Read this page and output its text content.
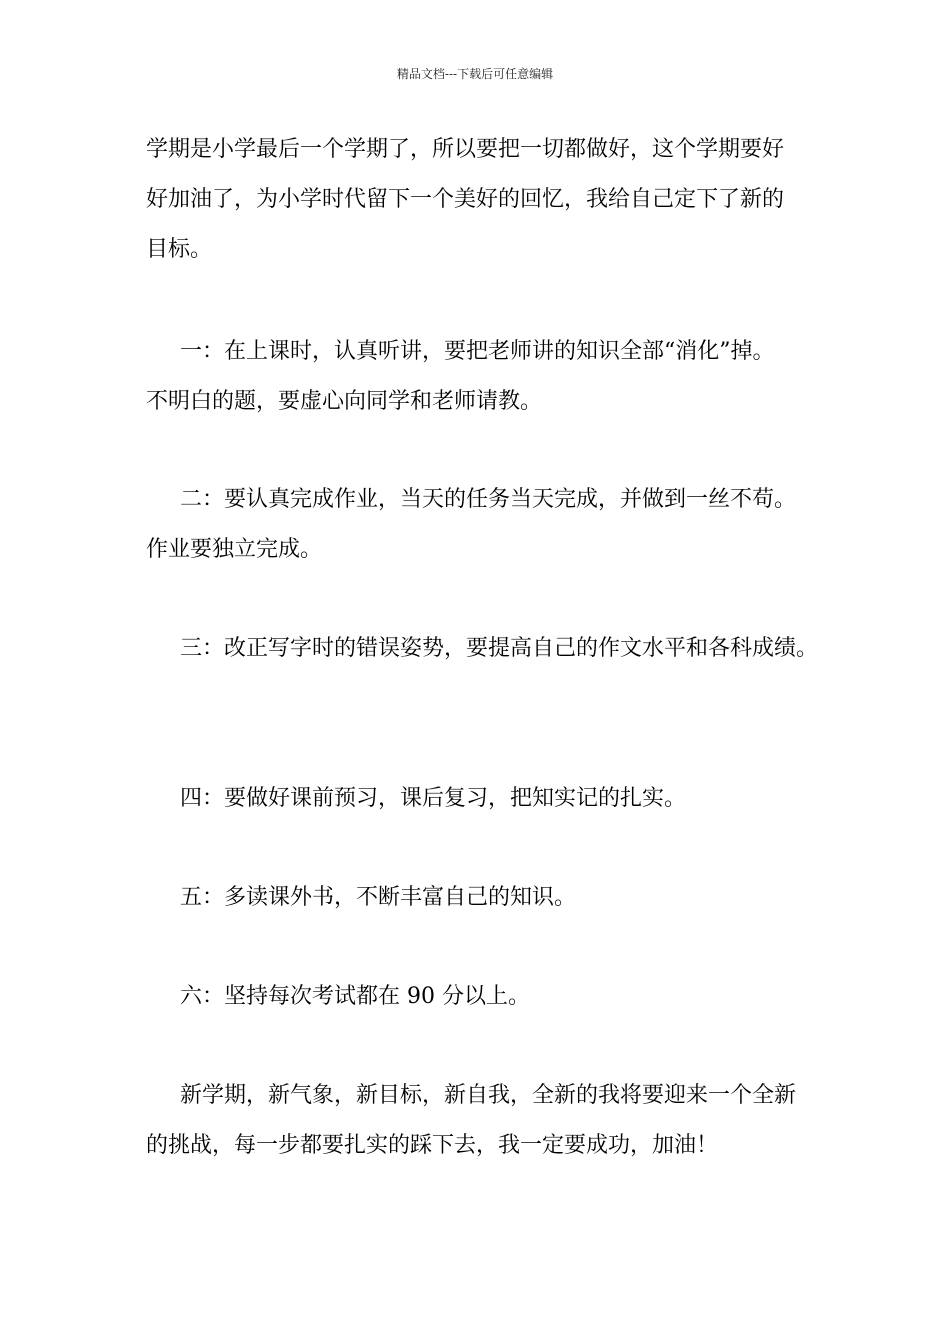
精品文档---下载后可任意编辑
学期是小学最后一个学期了，所以要把一切都做好，这个学期要好
好加油了，为小学时代留下一个美好的回忆，我给自己定下了新的
目标。
一：在上课时，认真听讲，要把老师讲的知识全部“消化”掉。
不明白的题，要虚心向同学和老师请教。
二：要认真完成作业，当天的任务当天完成，并做到一丝不苟。
作业要独立完成。
三：改正写字时的错误姿势，要提高自己的作文水平和各科成绩。
四：要做好课前预习，课后复习，把知实记的扎实。
五：多读课外书，不断丰富自己的知识。
六：坚持每次考试都在 90 分以上。
新学期，新气象，新目标，新自我，全新的我将要迎来一个全新
的挑战，每一步都要扎实的踩下去，我一定要成功，加油！
